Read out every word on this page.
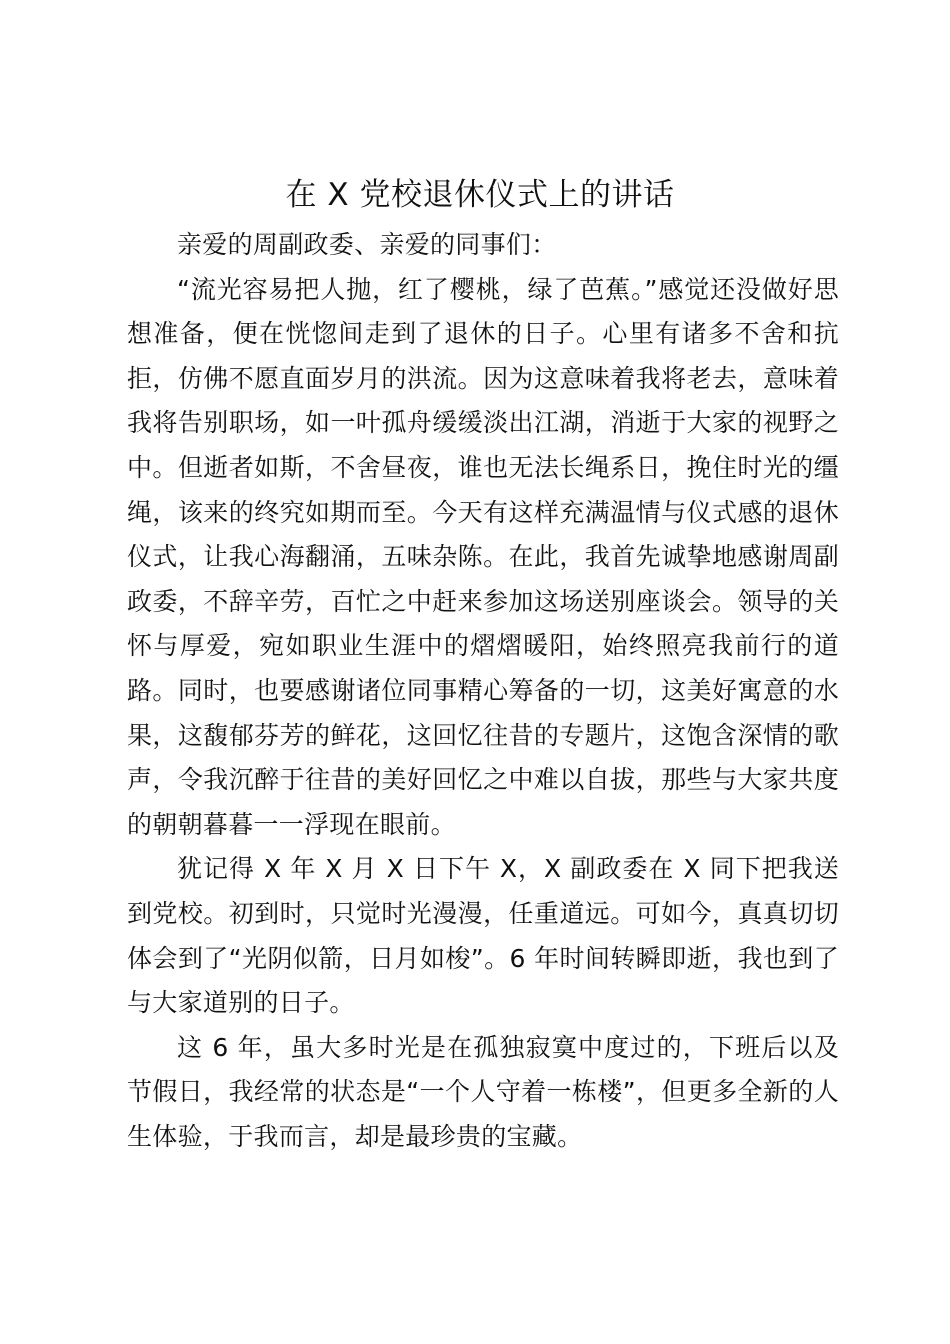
在 X 党校退休仪式上的讲话

亲爱的周副政委、亲爱的同事们：

“流光容易把人抛，红了樱桃，绿了芭蕉。”感觉还没做好思想准备，便在恍惚间走到了退休的日子。心里有诸多不舍和抗拒，仿佛不愿直面岁月的洪流。因为这意味着我将老去，意味着我将告别职场，如一叶孤舟缓缓淡出江湖，消逝于大家的视野之中。但逝者如斯，不舍昼夜，谁也无法长绳系日，挽住时光的缰绳，该来的终究如期而至。今天有这样充满温情与仪式感的退休仪式，让我心海翻涌，五味杂陈。在此，我首先诚挚地感谢周副政委，不辞辛劳，百忙之中赶来参加这场送别座谈会。领导的关怀与厚爱，宛如职业生涯中的熠熠暖阳，始终照亮我前行的道路。同时，也要感谢诸位同事精心筹备的一切，这美好寓意的水果，这馥郁芬芳的鲜花，这回忆往昔的专题片，这饱含深情的歌声，令我沉醉于往昔的美好回忆之中难以自拔，那些与大家共度的朝朝暮暮一一浮现在眼前。

犹记得 X 年 X 月 X 日下午 X，X 副政委在 X 同下把我送到党校。初到时，只觉时光漫漫，任重道远。可如今，真真切切体会到了“光阴似箭，日月如梭”。6 年时间转瞬即逝，我也到了与大家道别的日子。

这 6 年，虽大多时光是在孤独寂寞中度过的，下班后以及节假日，我经常的状态是“一个人守着一栋楼”，但更多全新的人生体验，于我而言，却是最珍贵的宝藏。
